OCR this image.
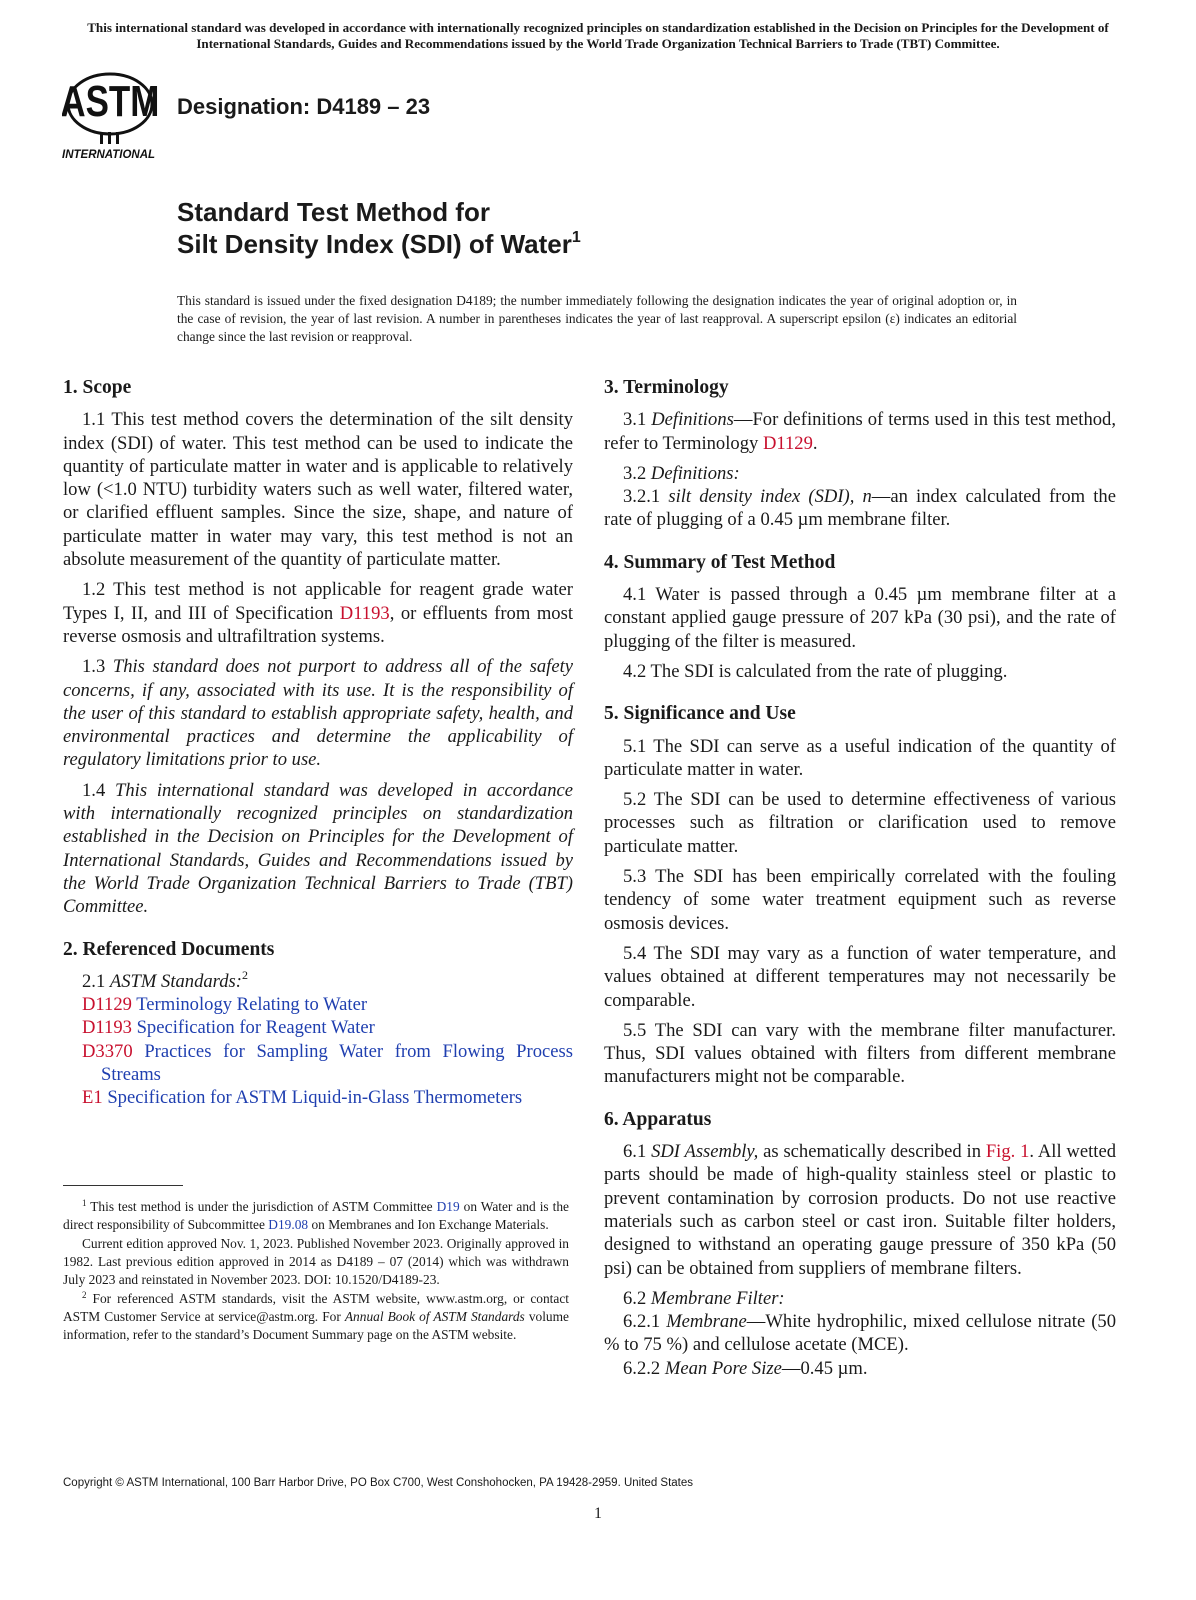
This international standard was developed in accordance with internationally recognized principles on standardization established in the Decision on Principles for the Development of International Standards, Guides and Recommendations issued by the World Trade Organization Technical Barriers to Trade (TBT) Committee.
ASTM
INTERNATIONAL
Designation: D4189 – 23
Standard Test Method for
Silt Density Index (SDI) of Water$^1$
This standard is issued under the fixed designation D4189; the number immediately following the designation indicates the year of original adoption or, in the case of revision, the year of last revision. A number in parentheses indicates the year of last reapproval. A superscript epsilon (ε) indicates an editorial change since the last revision or reapproval.
1. Scope
1.1 This test method covers the determination of the silt density index (SDI) of water. This test method can be used to indicate the quantity of particulate matter in water and is applicable to relatively low (<1.0 NTU) turbidity waters such as well water, filtered water, or clarified effluent samples. Since the size, shape, and nature of particulate matter in water may vary, this test method is not an absolute measurement of the quantity of particulate matter.
1.2 This test method is not applicable for reagent grade water Types I, II, and III of Specification D1193, or effluents from most reverse osmosis and ultrafiltration systems.
1.3 This standard does not purport to address all of the safety concerns, if any, associated with its use. It is the responsibility of the user of this standard to establish appropriate safety, health, and environmental practices and determine the applicability of regulatory limitations prior to use.
1.4 This international standard was developed in accordance with internationally recognized principles on standardization established in the Decision on Principles for the Development of International Standards, Guides and Recommendations issued by the World Trade Organization Technical Barriers to Trade (TBT) Committee.
2. Referenced Documents
2.1 ASTM Standards:$^2$
D1129 Terminology Relating to Water
D1193 Specification for Reagent Water
D3370 Practices for Sampling Water from Flowing Process Streams
E1 Specification for ASTM Liquid-in-Glass Thermometers
3. Terminology
3.1 Definitions—For definitions of terms used in this test method, refer to Terminology D1129.
3.2 Definitions:
3.2.1 silt density index (SDI), n—an index calculated from the rate of plugging of a 0.45 µm membrane filter.
4. Summary of Test Method
4.1 Water is passed through a 0.45 µm membrane filter at a constant applied gauge pressure of 207 kPa (30 psi), and the rate of plugging of the filter is measured.
4.2 The SDI is calculated from the rate of plugging.
5. Significance and Use
5.1 The SDI can serve as a useful indication of the quantity of particulate matter in water.
5.2 The SDI can be used to determine effectiveness of various processes such as filtration or clarification used to remove particulate matter.
5.3 The SDI has been empirically correlated with the fouling tendency of some water treatment equipment such as reverse osmosis devices.
5.4 The SDI may vary as a function of water temperature, and values obtained at different temperatures may not necessarily be comparable.
5.5 The SDI can vary with the membrane filter manufacturer. Thus, SDI values obtained with filters from different membrane manufacturers might not be comparable.
6. Apparatus
6.1 SDI Assembly, as schematically described in Fig. 1. All wetted parts should be made of high-quality stainless steel or plastic to prevent contamination by corrosion products. Do not use reactive materials such as carbon steel or cast iron. Suitable filter holders, designed to withstand an operating gauge pressure of 350 kPa (50 psi) can be obtained from suppliers of membrane filters.
6.2 Membrane Filter:
6.2.1 Membrane—White hydrophilic, mixed cellulose nitrate (50 % to 75 %) and cellulose acetate (MCE).
6.2.2 Mean Pore Size—0.45 µm.
$^1$ This test method is under the jurisdiction of ASTM Committee D19 on Water and is the direct responsibility of Subcommittee D19.08 on Membranes and Ion Exchange Materials.
Current edition approved Nov. 1, 2023. Published November 2023. Originally approved in 1982. Last previous edition approved in 2014 as D4189 – 07 (2014) which was withdrawn July 2023 and reinstated in November 2023. DOI: 10.1520/D4189-23.
$^2$ For referenced ASTM standards, visit the ASTM website, www.astm.org, or contact ASTM Customer Service at service@astm.org. For Annual Book of ASTM Standards volume information, refer to the standard’s Document Summary page on the ASTM website.
Copyright © ASTM International, 100 Barr Harbor Drive, PO Box C700, West Conshohocken, PA 19428-2959. United States
1
